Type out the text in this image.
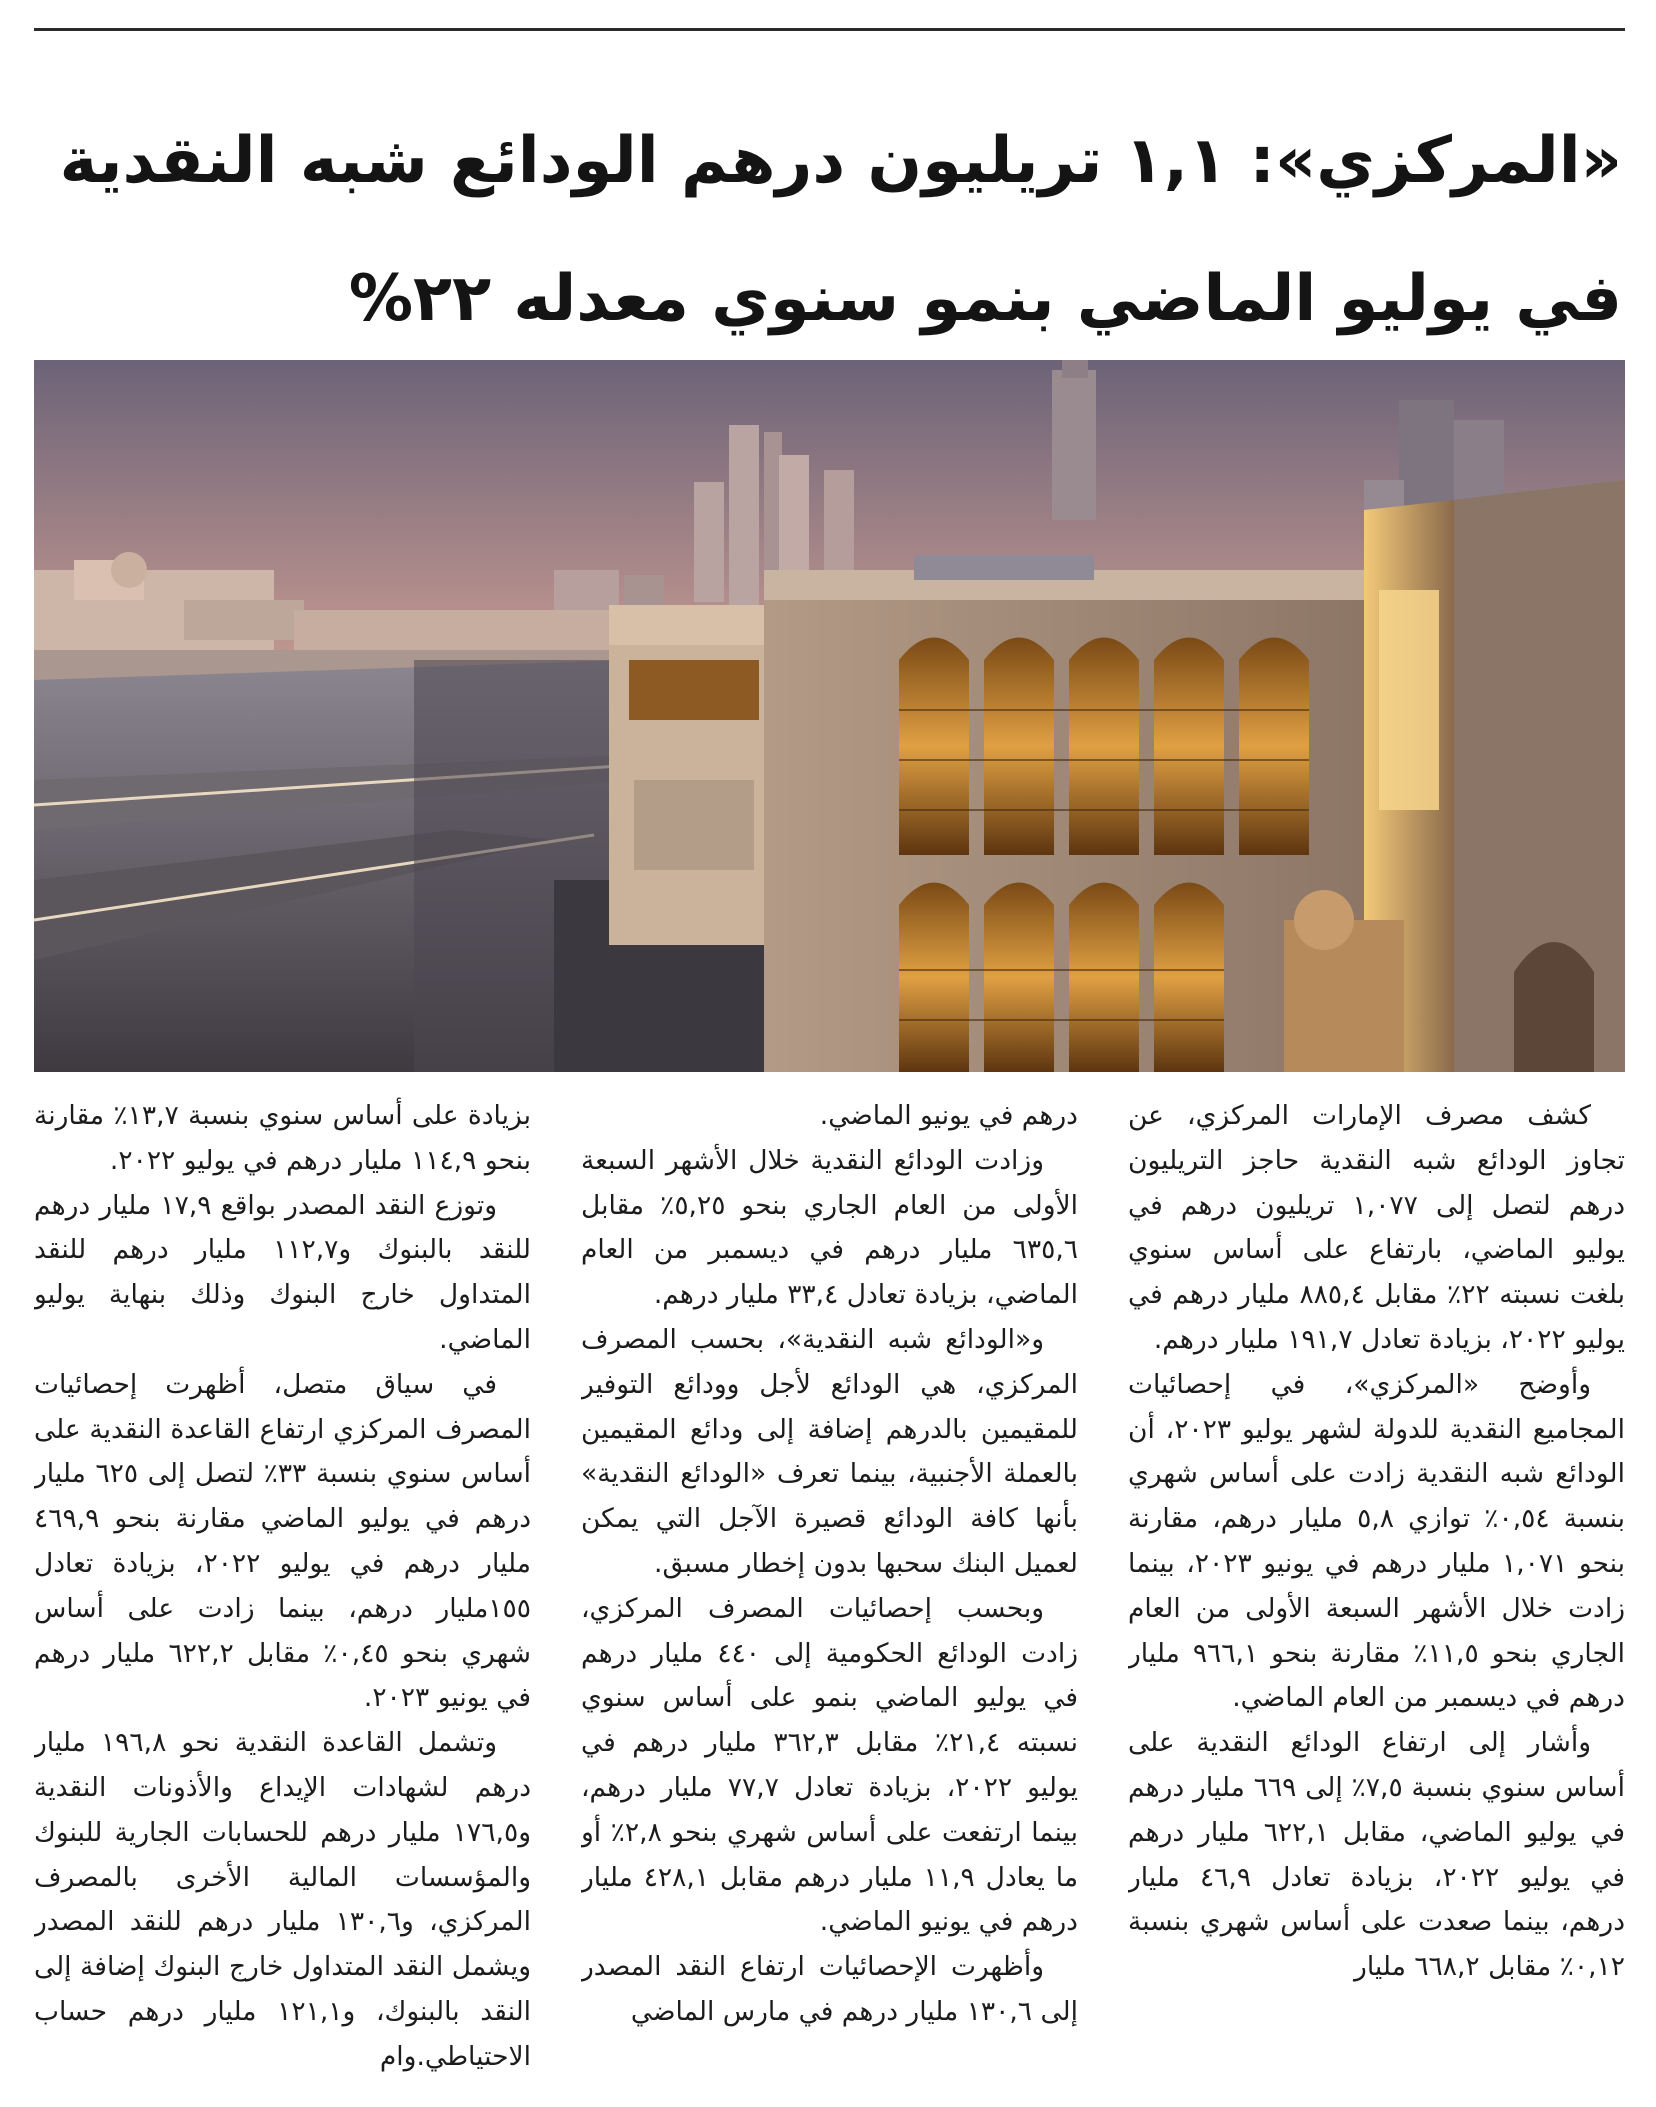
«المركزي»: ١,١ تريليون درهم الودائع شبه النقدية
في يوليو الماضي بنمو سنوي معدله ٢٢%

كشف مصرف الإمارات المركزي، عن تجاوز الودائع شبه النقدية حاجز التريليون درهم لتصل إلى ١,٠٧٧ تريليون درهم في يوليو الماضي، بارتفاع على أساس سنوي بلغت نسبته ٢٢٪ مقابل ٨٨٥,٤ مليار درهم في يوليو ٢٠٢٢، بزيادة تعادل ١٩١,٧ مليار درهم.

وأوضح «المركزي»، في إحصائيات المجاميع النقدية للدولة لشهر يوليو ٢٠٢٣، أن الودائع شبه النقدية زادت على أساس شهري بنسبة ٠,٥٤٪ توازي ٥,٨ مليار درهم، مقارنة بنحو ١,٠٧١ مليار درهم في يونيو ٢٠٢٣، بينما زادت خلال الأشهر السبعة الأولى من العام الجاري بنحو ١١,٥٪ مقارنة بنحو ٩٦٦,١ مليار درهم في ديسمبر من العام الماضي.

وأشار إلى ارتفاع الودائع النقدية على أساس سنوي بنسبة ٧,٥٪ إلى ٦٦٩ مليار درهم في يوليو الماضي، مقابل ٦٢٢,١ مليار درهم في يوليو ٢٠٢٢، بزيادة تعادل ٤٦,٩ مليار درهم، بينما صعدت على أساس شهري بنسبة ٠,١٢٪ مقابل ٦٦٨,٢ مليار

درهم في يونيو الماضي.

وزادت الودائع النقدية خلال الأشهر السبعة الأولى من العام الجاري بنحو ٥,٢٥٪ مقابل ٦٣٥,٦ مليار درهم في ديسمبر من العام الماضي، بزيادة تعادل ٣٣,٤ مليار درهم.

و«الودائع شبه النقدية»، بحسب المصرف المركزي، هي الودائع لأجل وودائع التوفير للمقيمين بالدرهم إضافة إلى ودائع المقيمين بالعملة الأجنبية، بينما تعرف «الودائع النقدية» بأنها كافة الودائع قصيرة الآجل التي يمكن لعميل البنك سحبها بدون إخطار مسبق.

وبحسب إحصائيات المصرف المركزي، زادت الودائع الحكومية إلى ٤٤٠ مليار درهم في يوليو الماضي بنمو على أساس سنوي نسبته ٢١,٤٪ مقابل ٣٦٢,٣ مليار درهم في يوليو ٢٠٢٢، بزيادة تعادل ٧٧,٧ مليار درهم، بينما ارتفعت على أساس شهري بنحو ٢,٨٪ أو ما يعادل ١١,٩ مليار درهم مقابل ٤٢٨,١ مليار درهم في يونيو الماضي.

وأظهرت الإحصائيات ارتفاع النقد المصدر إلى ١٣٠,٦ مليار درهم في مارس الماضي

بزيادة على أساس سنوي بنسبة ١٣,٧٪ مقارنة بنحو ١١٤,٩ مليار درهم في يوليو ٢٠٢٢.

وتوزع النقد المصدر بواقع ١٧,٩ مليار درهم للنقد بالبنوك و١١٢,٧ مليار درهم للنقد المتداول خارج البنوك وذلك بنهاية يوليو الماضي.

في سياق متصل، أظهرت إحصائيات المصرف المركزي ارتفاع القاعدة النقدية على أساس سنوي بنسبة ٣٣٪ لتصل إلى ٦٢٥ مليار درهم في يوليو الماضي مقارنة بنحو ٤٦٩,٩ مليار درهم في يوليو ٢٠٢٢، بزيادة تعادل ١٥٥مليار درهم، بينما زادت على أساس شهري بنحو ٠,٤٥٪ مقابل ٦٢٢,٢ مليار درهم في يونيو ٢٠٢٣.

وتشمل القاعدة النقدية نحو ١٩٦,٨ مليار درهم لشهادات الإيداع والأذونات النقدية و١٧٦,٥ مليار درهم للحسابات الجارية للبنوك والمؤسسات المالية الأخرى بالمصرف المركزي، و١٣٠,٦ مليار درهم للنقد المصدر ويشمل النقد المتداول خارج البنوك إضافة إلى النقد بالبنوك، و١٢١,١ مليار درهم حساب الاحتياطي.وام
